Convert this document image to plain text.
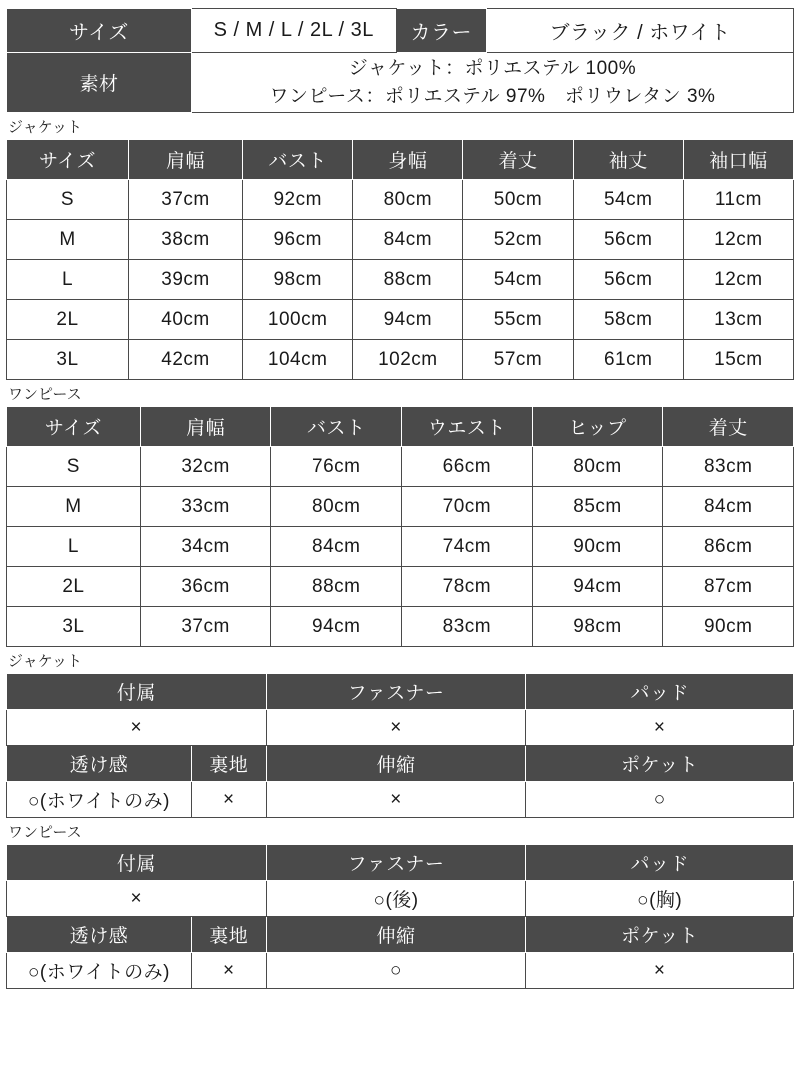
サイズ	S / M / L / 2L / 3L	カラー	ブラック / ホワイト
素材	ジャケット：ポリエステル 100%
ワンピース：ポリエステル 97%　ポリウレタン 3%		
ジャケット
サイズ	肩幅	バスト	身幅	着丈	袖丈	袖口幅
S	37cm	92cm	80cm	50cm	54cm	11cm
M	38cm	96cm	84cm	52cm	56cm	12cm
L	39cm	98cm	88cm	54cm	56cm	12cm
2L	40cm	100cm	94cm	55cm	58cm	13cm
3L	42cm	104cm	102cm	57cm	61cm	15cm
ワンピース
サイズ	肩幅	バスト	ウエスト	ヒップ	着丈
S	32cm	76cm	66cm	80cm	83cm
M	33cm	80cm	70cm	85cm	84cm
L	34cm	84cm	74cm	90cm	86cm
2L	36cm	88cm	78cm	94cm	87cm
3L	37cm	94cm	83cm	98cm	90cm
ジャケット
付属		ファスナー	パッド
×		×	×
透け感	裏地	伸縮	ポケット
○(ホワイトのみ)	×	×	○
ワンピース
付属		ファスナー	パッド
×		○(後)	○(胸)
透け感	裏地	伸縮	ポケット
○(ホワイトのみ)	×	○	×
